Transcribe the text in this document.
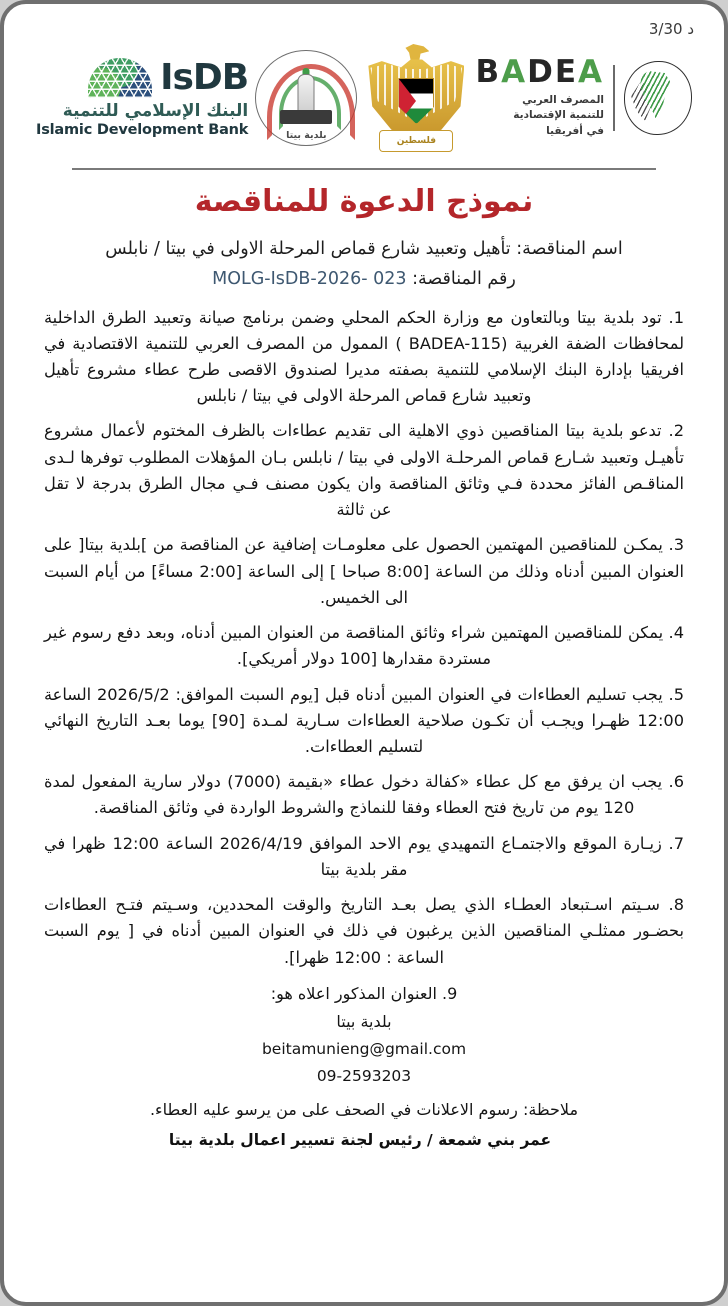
د 3/30
IsDB
البنك الإسلامي للتنمية
Islamic Development Bank	بلدية بيتا	فلسطين
BADEA
المصرف العربي
للتنمية الإقتصادية
في أفريقيا
نموذج الدعوة للمناقصة
اسم المناقصة: تأهيل وتعبيد شارع قماص المرحلة الاولى في بيتا / نابلس
رقم المناقصة: MOLG-IsDB-2026- 023

1. تود بلدية بيتا وبالتعاون مع وزارة الحكم المحلي وضمن برنامج صيانة وتعبيد الطرق الداخلية لمحافظات الضفة الغربية (BADEA-115 ) الممول من المصرف العربي للتنمية الاقتصادية في افريقيا بإدارة البنك الإسلامي للتنمية بصفته مديرا لصندوق الاقصى طرح عطاء مشروع تأهيل وتعبيد شارع قماص المرحلة الاولى في بيتا / نابلس

2. تدعو بلدية بيتا المناقصين ذوي الاهلية الى تقديم عطاءات بالظرف المختوم لأعمال مشروع تأهيـل وتعبيد شـارع قماص المرحلـة الاولى في بيتا / نابلس بـان المؤهلات المطلوب توفرها لـدى المناقـص الفائز محددة فـي وثائق المناقصة وان يكون مصنف فـي مجال الطرق بدرجة لا تقل عن ثالثة

3. يمكـن للمناقصين المهتمين الحصول على معلومـات إضافية عن المناقصة من ]بلدية بيتا[ على العنوان المبين أدناه وذلك من الساعة [8:00 صباحا ] إلى الساعة [2:00 مساءً] من أيام السبت الى الخميس.

4. يمكن للمناقصين المهتمين شراء وثائق المناقصة من العنوان المبين أدناه، وبعد دفع رسوم غير مستردة مقدارها [100 دولار أمريكي].

5. يجب تسليم العطاءات في العنوان المبين أدناه قبل [يوم السبت الموافق: 2026/5/2 الساعة 12:00 ظهـرا ويجـب أن تكـون صلاحية العطاءات سـارية لمـدة [90] يوما بعـد التاريخ النهائي لتسليم العطاءات.

6. يجب ان يرفق مع كل عطاء «كفالة دخول عطاء «بقيمة (7000) دولار سارية المفعول لمدة 120 يوم من تاريخ فتح العطاء وفقا للنماذج والشروط الواردة في وثائق المناقصة.

7. زيـارة الموقع والاجتمـاع التمهيدي يوم الاحد الموافق 2026/4/19 الساعة 12:00 ظهرا في مقر بلدية بيتا

8. سـيتم اسـتبعاد العطـاء الذي يصل بعـد التاريخ والوقت المحددين، وسـيتم فتـح العطاءات بحضـور ممثلـي المناقصين الذين يرغبون في ذلك في العنوان المبين أدناه في [ يوم السبت الساعة : 12:00 ظهرا].

9. العنوان المذكور اعلاه هو:
بلدية بيتا
beitamunieng@gmail.com
09-2593203
ملاحظة: رسوم الاعلانات في الصحف على من يرسو عليه العطاء.
عمر بني شمعة / رئيس لجنة تسيير اعمال بلدية بيتا
